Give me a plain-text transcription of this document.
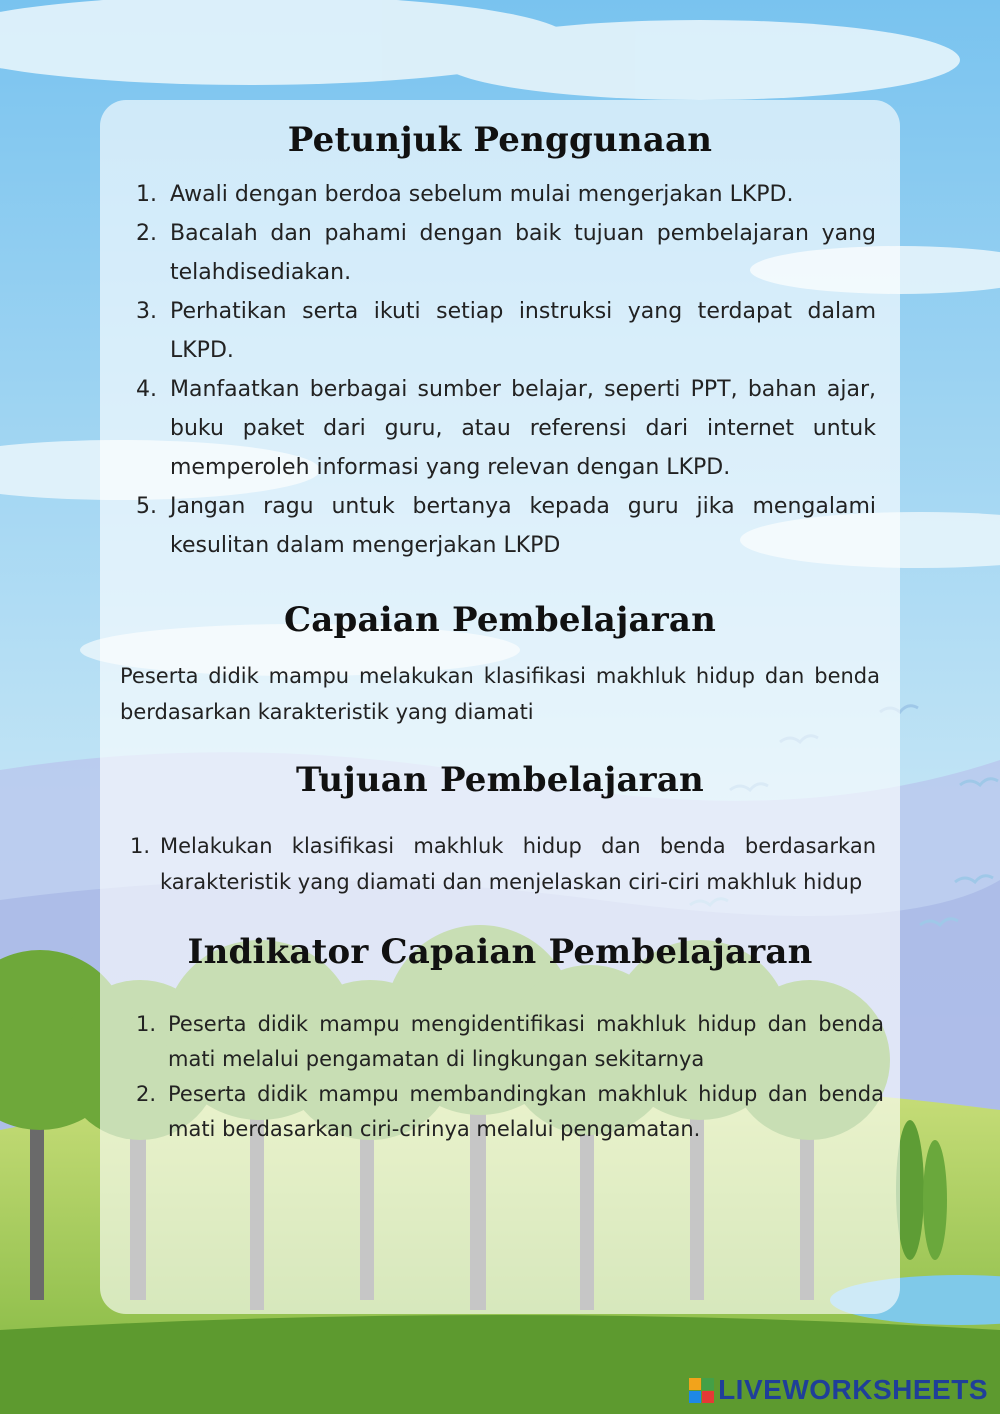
Petunjuk Penggunaan
1. Awali dengan berdoa sebelum mulai mengerjakan LKPD.
2. Bacalah dan pahami dengan baik tujuan pembelajaran yang telahdisediakan.
3. Perhatikan serta ikuti setiap instruksi yang terdapat dalam LKPD.
4. Manfaatkan berbagai sumber belajar, seperti PPT, bahan ajar, buku paket dari guru, atau referensi dari internet untuk memperoleh informasi yang relevan dengan LKPD.
5. Jangan ragu untuk bertanya kepada guru jika mengalami kesulitan dalam mengerjakan LKPD
Capaian Pembelajaran

Peserta didik mampu melakukan klasifikasi makhluk hidup dan benda berdasarkan karakteristik yang diamati

Tujuan Pembelajaran
1. Melakukan klasifikasi makhluk hidup dan benda berdasarkan karakteristik yang diamati dan menjelaskan ciri-ciri makhluk hidup
Indikator Capaian Pembelajaran
1. Peserta didik mampu mengidentifikasi makhluk hidup dan benda mati melalui pengamatan di lingkungan sekitarnya
2. Peserta didik mampu membandingkan makhluk hidup dan benda mati berdasarkan ciri-cirinya melalui pengamatan.
LIVEWORKSHEETS
